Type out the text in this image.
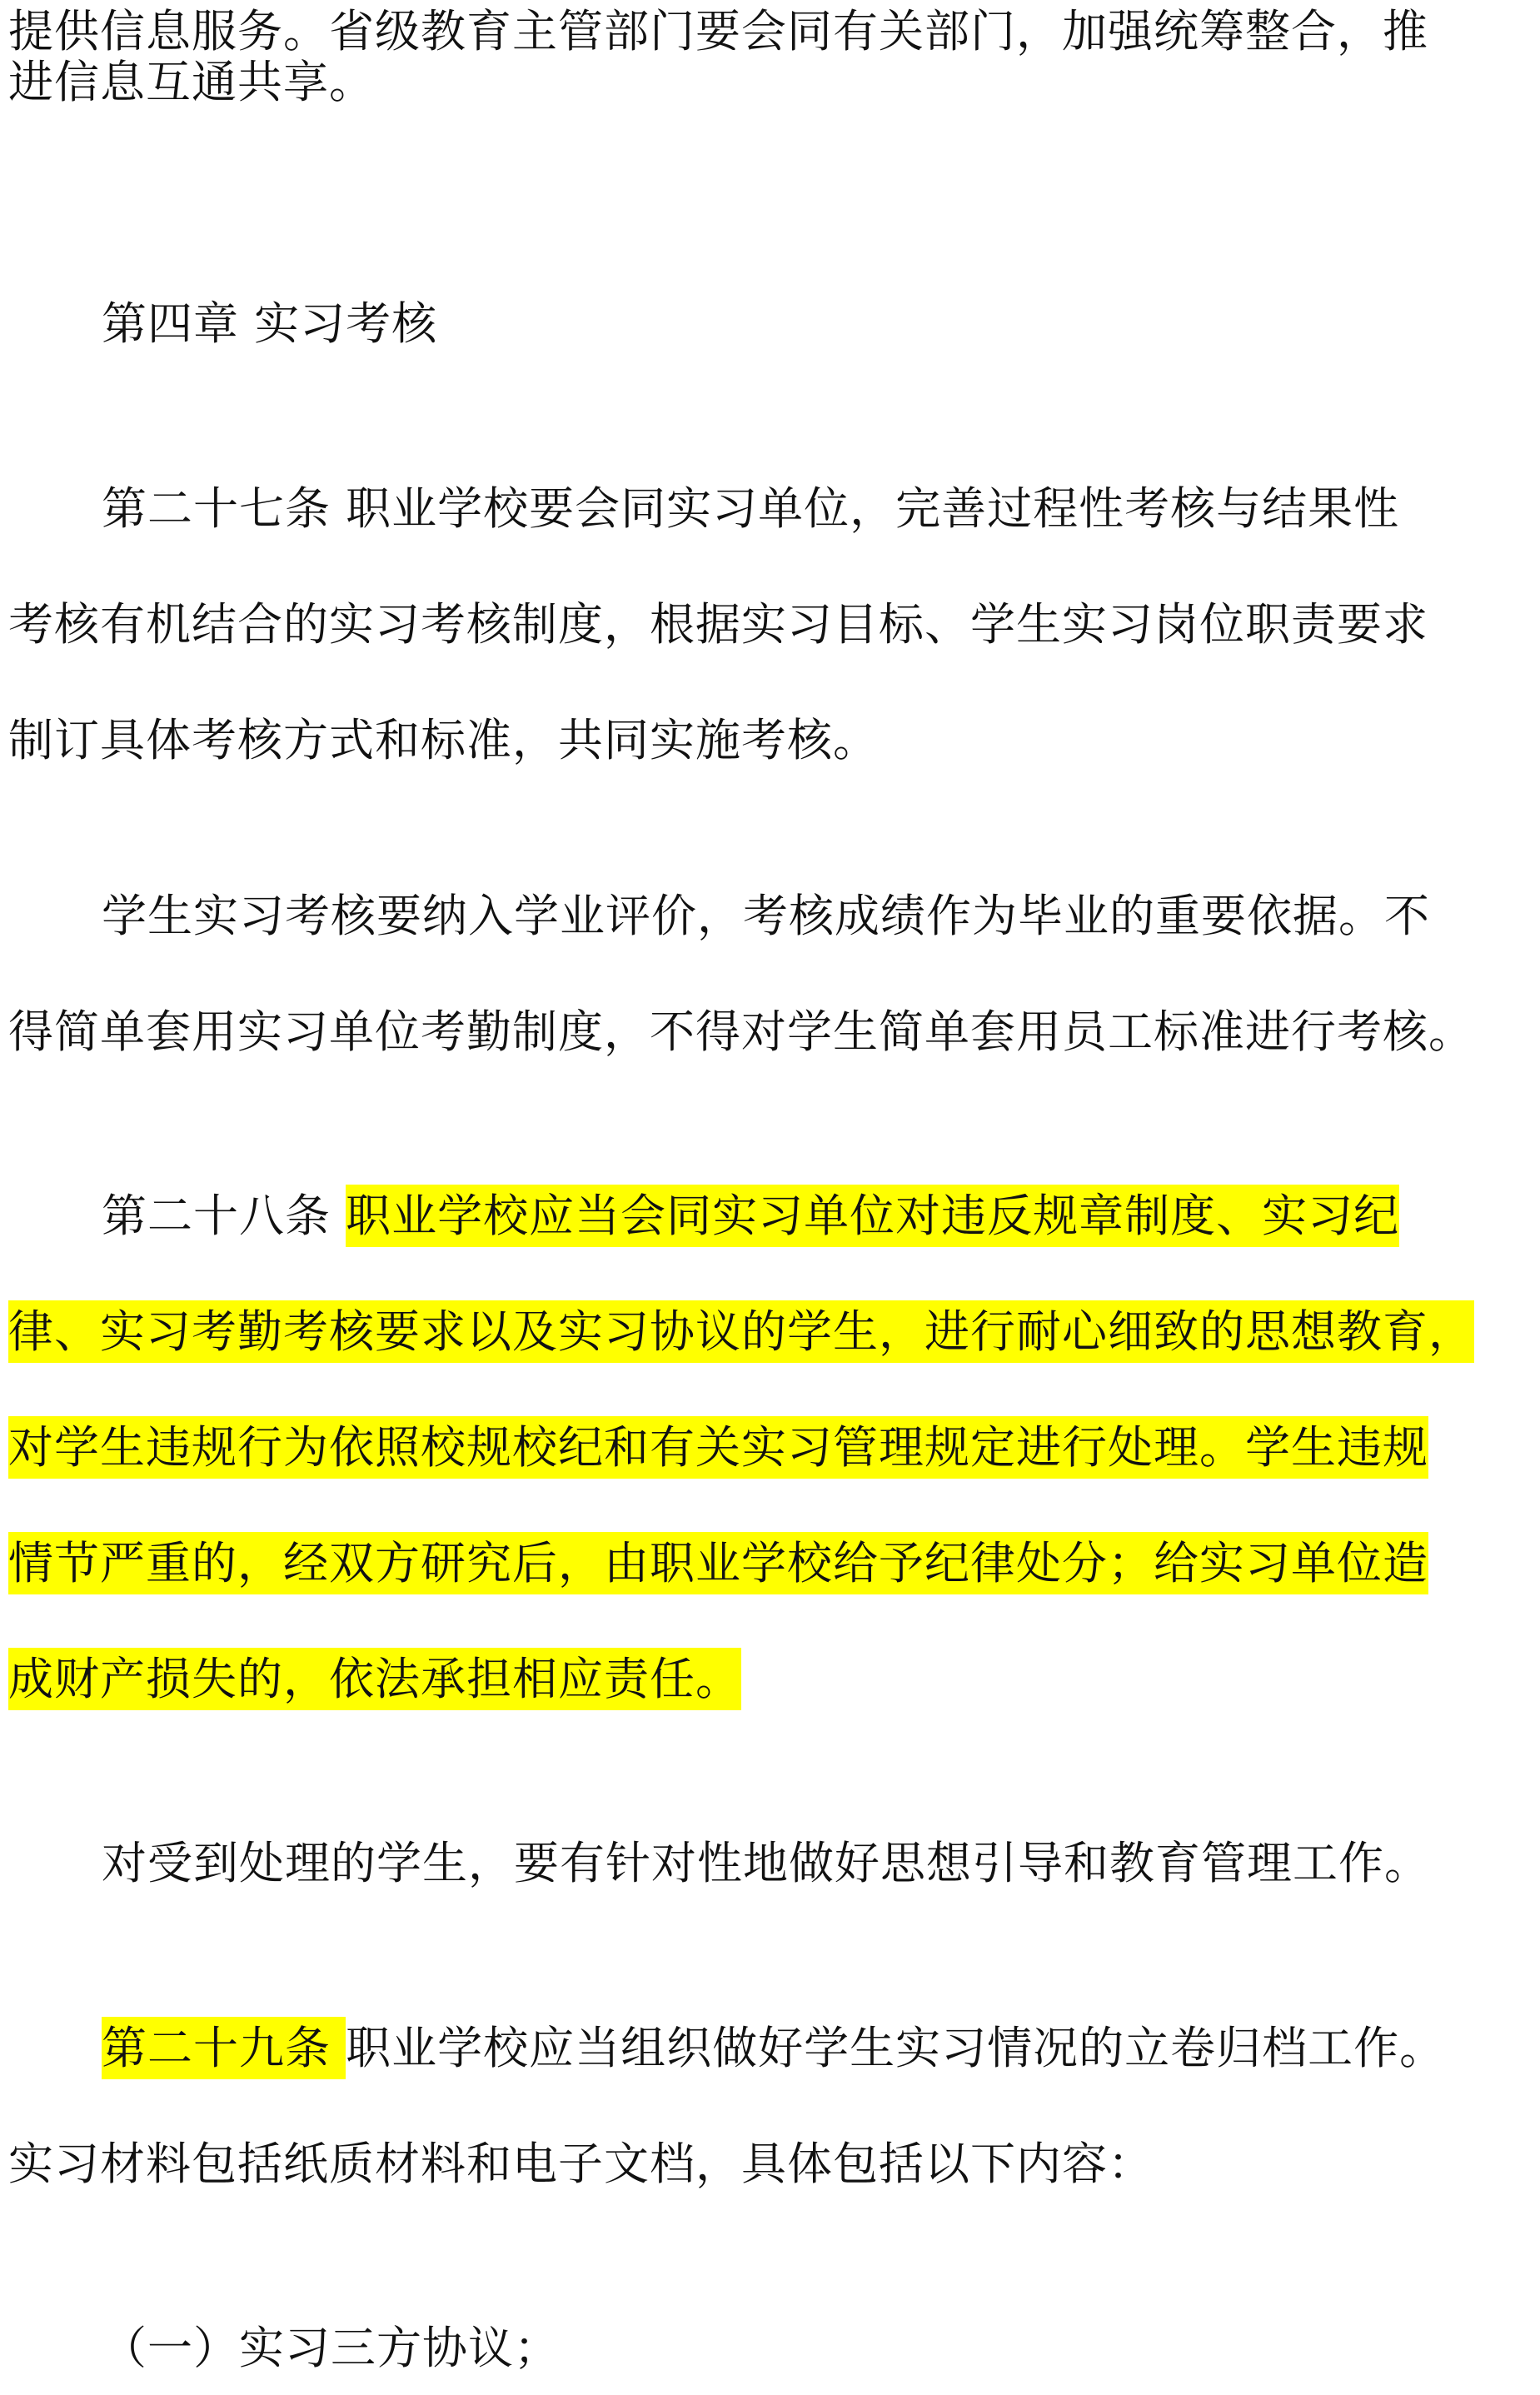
提供信息服务。省级教育主管部门要会同有关部门，加强统筹整合，推
进信息互通共享。
第四章 实习考核
第二十七条 职业学校要会同实习单位，完善过程性考核与结果性
考核有机结合的实习考核制度，根据实习目标、学生实习岗位职责要求
制订具体考核方式和标准，共同实施考核。
学生实习考核要纳入学业评价，考核成绩作为毕业的重要依据。不
得简单套用实习单位考勤制度，不得对学生简单套用员工标准进行考核。
第二十八条 职业学校应当会同实习单位对违反规章制度、实习纪
律、实习考勤考核要求以及实习协议的学生，进行耐心细致的思想教育，
对学生违规行为依照校规校纪和有关实习管理规定进行处理。学生违规
情节严重的，经双方研究后，由职业学校给予纪律处分；给实习单位造
成财产损失的，依法承担相应责任。
对受到处理的学生，要有针对性地做好思想引导和教育管理工作。
第二十九条 职业学校应当组织做好学生实习情况的立卷归档工作。
实习材料包括纸质材料和电子文档，具体包括以下内容：
（一）实习三方协议；
